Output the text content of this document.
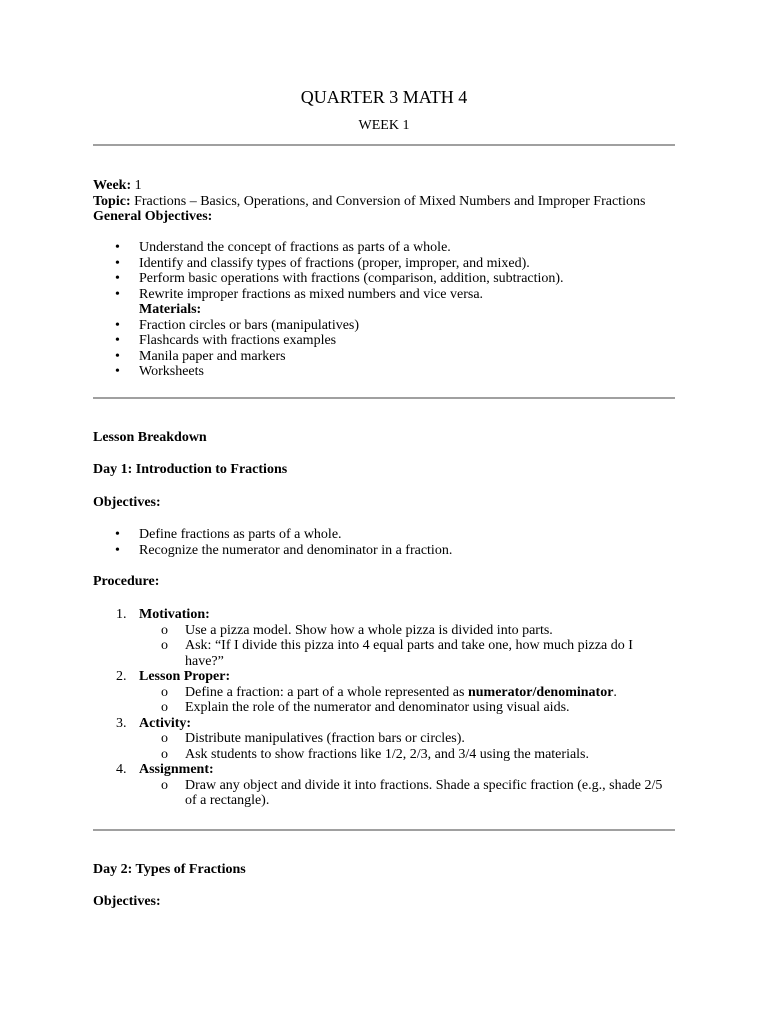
QUARTER 3 MATH 4
WEEK 1

Week: 1

Topic: Fractions – Basics, Operations, and Conversion of Mixed Numbers and Improper Fractions

General Objectives:

• Understand the concept of fractions as parts of a whole.
• Identify and classify types of fractions (proper, improper, and mixed).
• Perform basic operations with fractions (comparison, addition, subtraction).
• Rewrite improper fractions as mixed numbers and vice versa.
Materials:
• Fraction circles or bars (manipulatives)
• Flashcards with fractions examples
• Manila paper and markers
• Worksheets
Lesson Breakdown
Day 1: Introduction to Fractions
Objectives:
• Define fractions as parts of a whole.
• Recognize the numerator and denominator in a fraction.
Procedure:
1. Motivation:
o Use a pizza model. Show how a whole pizza is divided into parts.
o Ask: “If I divide this pizza into 4 equal parts and take one, how much pizza do I have?”
2. Lesson Proper:
o Define a fraction: a part of a whole represented as numerator/denominator.
o Explain the role of the numerator and denominator using visual aids.
3. Activity:
o Distribute manipulatives (fraction bars or circles).
o Ask students to show fractions like 1/2, 2/3, and 3/4 using the materials.
4. Assignment:
o Draw any object and divide it into fractions. Shade a specific fraction (e.g., shade 2/5 of a rectangle).
Day 2: Types of Fractions
Objectives:
